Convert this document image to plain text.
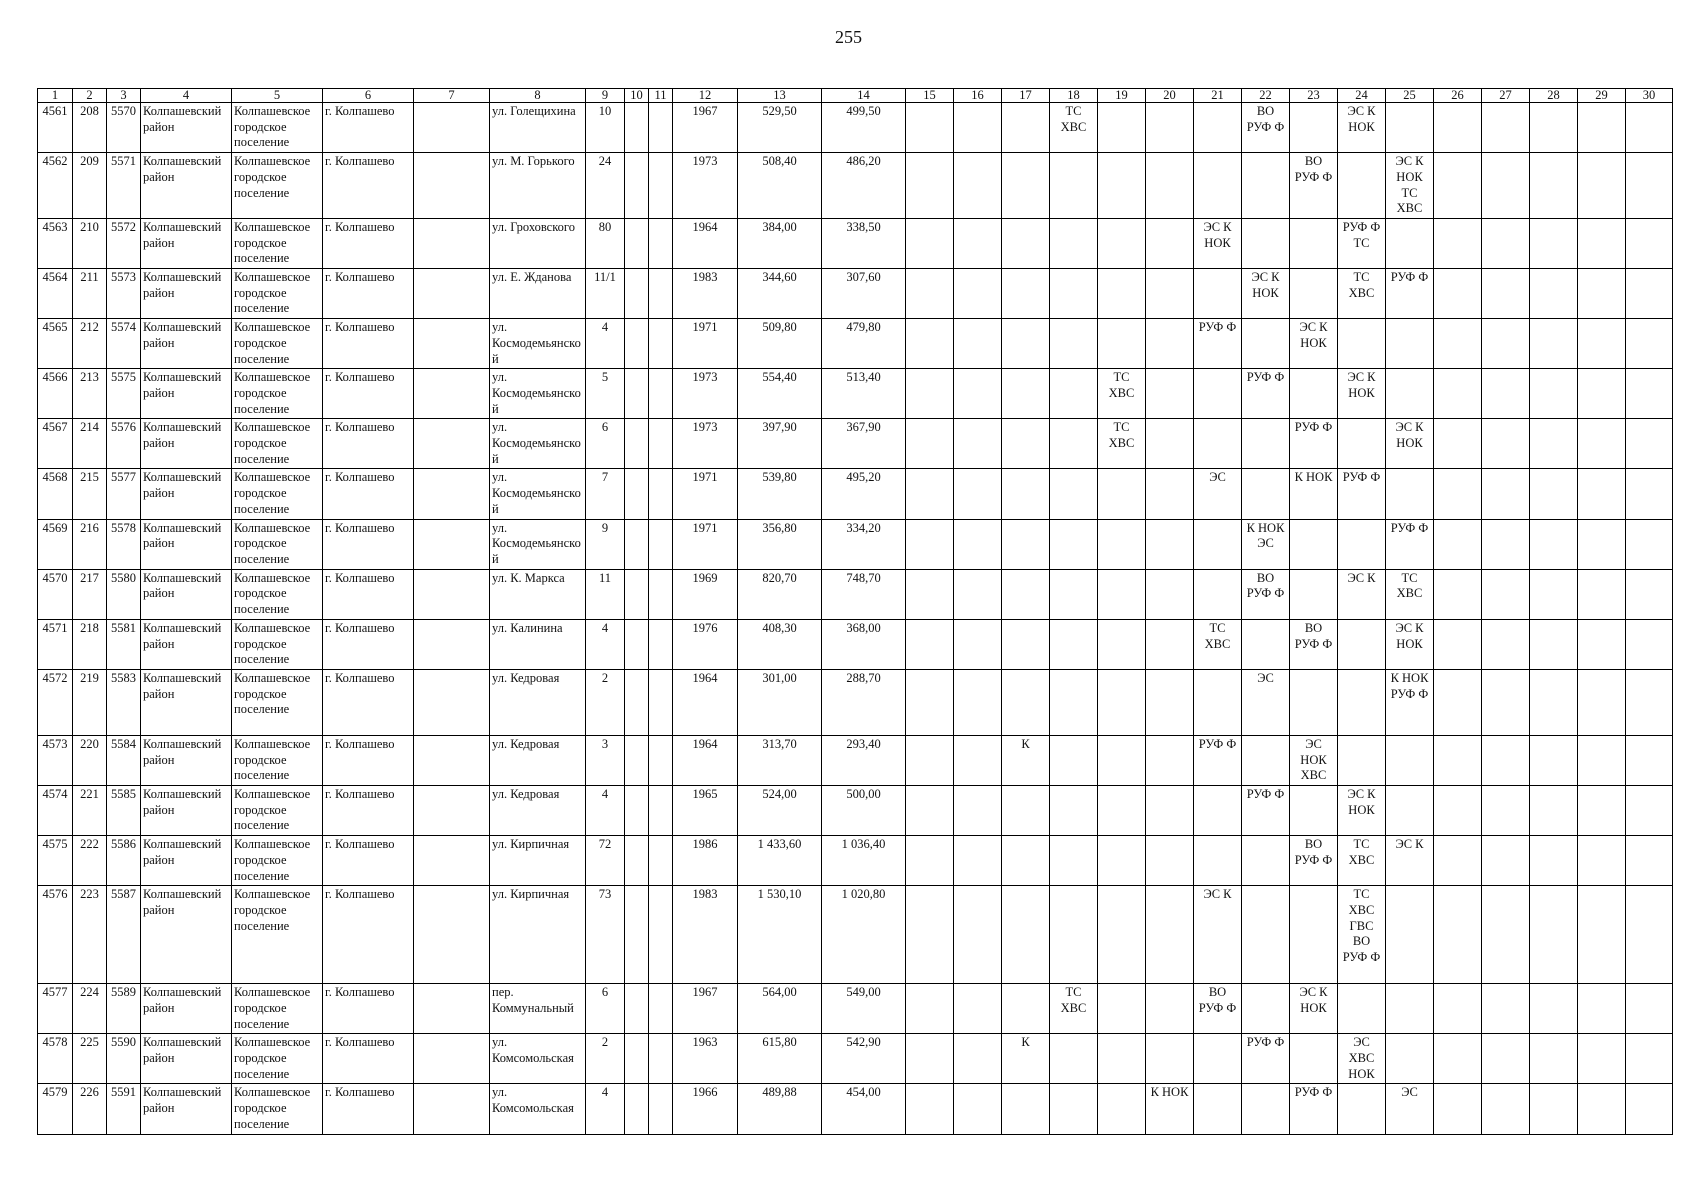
255
1	2	3	4	5	6	7	8	9	10	11	12	13	14	15	16	17	18	19	20	21	22	23	24	25	26	27	28	29	30
4561	208	5570	Колпашевский район	Колпашевское городское поселение	г. Колпашево		ул. Голещихина	10			1967	529,50	499,50				ТС ХВС				ВО РУФ Ф		ЭС К НОК						
4562	209	5571	Колпашевский район	Колпашевское городское поселение	г. Колпашево		ул. М. Горького	24			1973	508,40	486,20									ВО РУФ Ф		ЭС К НОК ТС ХВС					
4563	210	5572	Колпашевский район	Колпашевское городское поселение	г. Колпашево		ул. Гроховского	80			1964	384,00	338,50							ЭС К НОК			РУФ Ф ТС						
4564	211	5573	Колпашевский район	Колпашевское городское поселение	г. Колпашево		ул. Е. Жданова	11/1			1983	344,60	307,60								ЭС К НОК		ТС ХВС	РУФ Ф					
4565	212	5574	Колпашевский район	Колпашевское городское поселение	г. Колпашево		ул. Космодемьянской	4			1971	509,80	479,80							РУФ Ф		ЭС К НОК							
4566	213	5575	Колпашевский район	Колпашевское городское поселение	г. Колпашево		ул. Космодемьянской	5			1973	554,40	513,40					ТС ХВС			РУФ Ф		ЭС К НОК						
4567	214	5576	Колпашевский район	Колпашевское городское поселение	г. Колпашево		ул. Космодемьянской	6			1973	397,90	367,90					ТС ХВС				РУФ Ф		ЭС К НОК					
4568	215	5577	Колпашевский район	Колпашевское городское поселение	г. Колпашево		ул. Космодемьянской	7			1971	539,80	495,20							ЭС		К НОК	РУФ Ф						
4569	216	5578	Колпашевский район	Колпашевское городское поселение	г. Колпашево		ул. Космодемьянской	9			1971	356,80	334,20								К НОК ЭС			РУФ Ф					
4570	217	5580	Колпашевский район	Колпашевское городское поселение	г. Колпашево		ул. К. Маркса	11			1969	820,70	748,70								ВО РУФ Ф		ЭС К	ТС ХВС					
4571	218	5581	Колпашевский район	Колпашевское городское поселение	г. Колпашево		ул. Калинина	4			1976	408,30	368,00							ТС ХВС		ВО РУФ Ф		ЭС К НОК					
4572	219	5583	Колпашевский район	Колпашевское городское поселение	г. Колпашево		ул. Кедровая	2			1964	301,00	288,70								ЭС			К НОК РУФ Ф					
4573	220	5584	Колпашевский район	Колпашевское городское поселение	г. Колпашево		ул. Кедровая	3			1964	313,70	293,40			К				РУФ Ф		ЭС НОК ХВС							
4574	221	5585	Колпашевский район	Колпашевское городское поселение	г. Колпашево		ул. Кедровая	4			1965	524,00	500,00								РУФ Ф		ЭС К НОК						
4575	222	5586	Колпашевский район	Колпашевское городское поселение	г. Колпашево		ул. Кирпичная	72			1986	1 433,60	1 036,40									ВО РУФ Ф	ТС ХВС	ЭС К					
4576	223	5587	Колпашевский район	Колпашевское городское поселение	г. Колпашево		ул. Кирпичная	73			1983	1 530,10	1 020,80							ЭС К			ТС ХВС ГВС ВО РУФ Ф						
4577	224	5589	Колпашевский район	Колпашевское городское поселение	г. Колпашево		пер. Коммунальный	6			1967	564,00	549,00				ТС ХВС			ВО РУФ Ф		ЭС К НОК							
4578	225	5590	Колпашевский район	Колпашевское городское поселение	г. Колпашево		ул. Комсомольская	2			1963	615,80	542,90			К					РУФ Ф		ЭС ХВС НОК						
4579	226	5591	Колпашевский район	Колпашевское городское поселение	г. Колпашево		ул. Комсомольская	4			1966	489,88	454,00						К НОК			РУФ Ф		ЭС					
